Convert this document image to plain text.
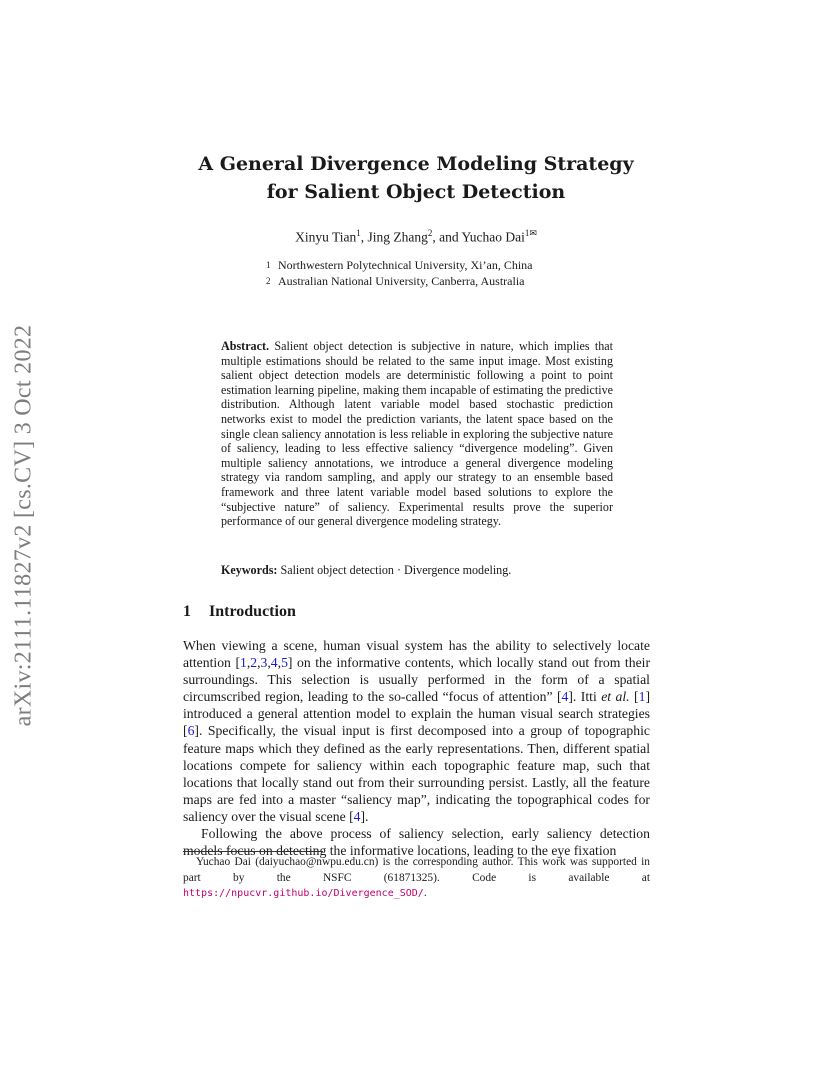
arXiv:2111.11827v2 [cs.CV] 3 Oct 2022
A General Divergence Modeling Strategy for Salient Object Detection
Xinyu Tian$^1$, Jing Zhang$^2$, and Yuchao Dai$^{1✉}$
1 Northwestern Polytechnical University, Xi’an, China
2 Australian National University, Canberra, Australia
Abstract. Salient object detection is subjective in nature, which implies that multiple estimations should be related to the same input image. Most existing salient object detection models are deterministic following a point to point estimation learning pipeline, making them incapable of estimating the predictive distribution. Although latent variable model based stochastic prediction networks exist to model the prediction variants, the latent space based on the single clean saliency annotation is less reliable in exploring the subjective nature of saliency, leading to less effective saliency “divergence modeling”. Given multiple saliency annotations, we introduce a general divergence modeling strategy via random sampling, and apply our strategy to an ensemble based framework and three latent variable model based solutions to explore the “subjective nature” of saliency. Experimental results prove the superior performance of our general divergence modeling strategy.
Keywords: Salient object detection · Divergence modeling.
1 Introduction

When viewing a scene, human visual system has the ability to selectively locate attention [1,2,3,4,5] on the informative contents, which locally stand out from their surroundings. This selection is usually performed in the form of a spatial circumscribed region, leading to the so-called “focus of attention” [4]. Itti et al. [1] introduced a general attention model to explain the human visual search strategies [6]. Specifically, the visual input is first decomposed into a group of topographic feature maps which they defined as the early representations. Then, different spatial locations compete for saliency within each topographic feature map, such that locations that locally stand out from their surrounding persist. Lastly, all the feature maps are fed into a master “saliency map”, indicating the topographical codes for saliency over the visual scene [4].

Following the above process of saliency selection, early saliency detection models focus on detecting the informative locations, leading to the eye fixation

Yuchao Dai (daiyuchao@nwpu.edu.cn) is the corresponding author. This work was supported in part by the NSFC (61871325). Code is available at https://npucvr.github.io/Divergence_SOD/.
